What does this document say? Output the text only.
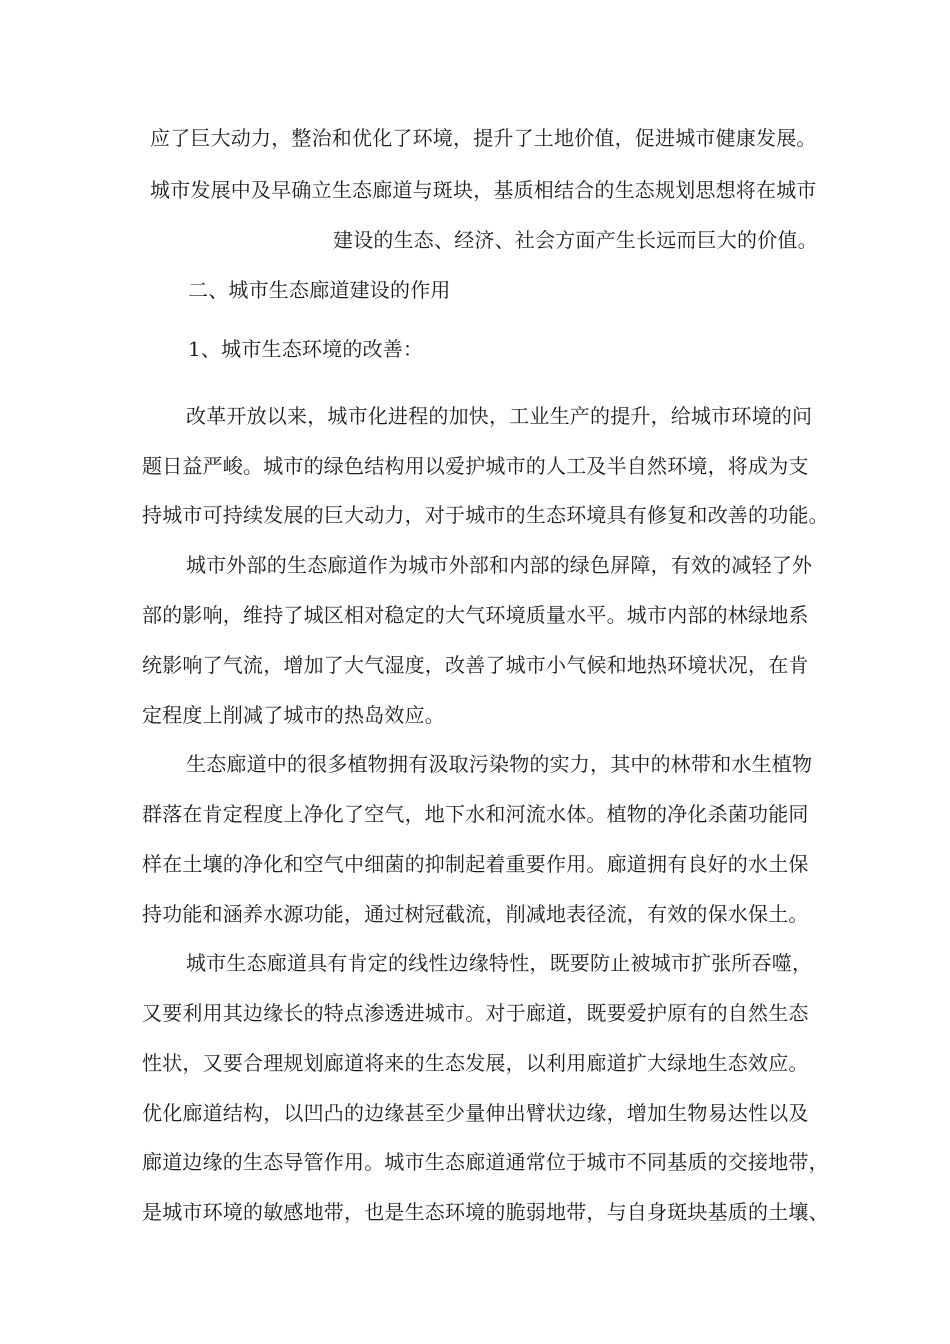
应了巨大动力，整治和优化了环境，提升了土地价值，促进城市健康发展。
城市发展中及早确立生态廊道与斑块，基质相结合的生态规划思想将在城市
建设的生态、经济、社会方面产生长远而巨大的价值。
二、城市生态廊道建设的作用
1、城市生态环境的改善：
改革开放以来，城市化进程的加快，工业生产的提升，给城市环境的问
题日益严峻。城市的绿色结构用以爱护城市的人工及半自然环境，将成为支
持城市可持续发展的巨大动力，对于城市的生态环境具有修复和改善的功能。
城市外部的生态廊道作为城市外部和内部的绿色屏障，有效的减轻了外
部的影响，维持了城区相对稳定的大气环境质量水平。城市内部的林绿地系
统影响了气流，增加了大气湿度，改善了城市小气候和地热环境状况，在肯
定程度上削减了城市的热岛效应。
生态廊道中的很多植物拥有汲取污染物的实力，其中的林带和水生植物
群落在肯定程度上净化了空气，地下水和河流水体。植物的净化杀菌功能同
样在土壤的净化和空气中细菌的抑制起着重要作用。廊道拥有良好的水土保
持功能和涵养水源功能，通过树冠截流，削减地表径流，有效的保水保土。
城市生态廊道具有肯定的线性边缘特性，既要防止被城市扩张所吞噬，
又要利用其边缘长的特点渗透进城市。对于廊道，既要爱护原有的自然生态
性状，又要合理规划廊道将来的生态发展，以利用廊道扩大绿地生态效应。
优化廊道结构，以凹凸的边缘甚至少量伸出臂状边缘，增加生物易达性以及
廊道边缘的生态导管作用。城市生态廊道通常位于城市不同基质的交接地带，
是城市环境的敏感地带，也是生态环境的脆弱地带，与自身斑块基质的土壤、
